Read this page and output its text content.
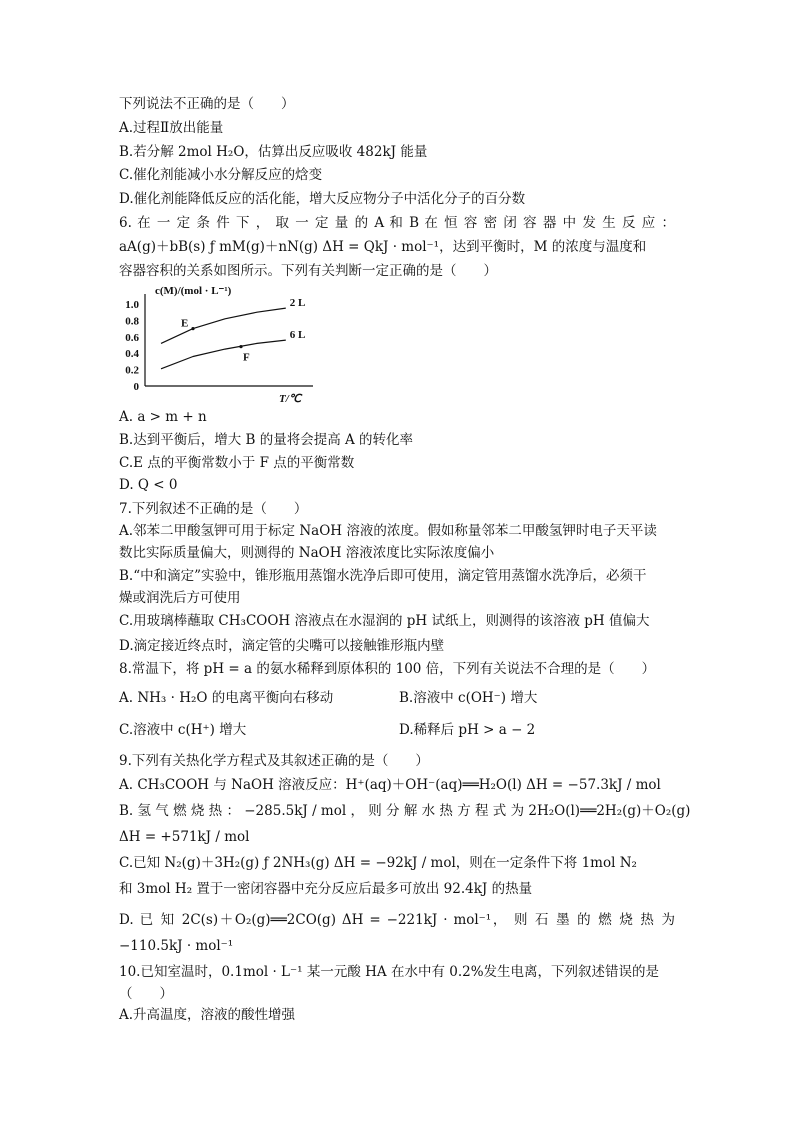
下列说法不正确的是（　　）
A.过程Ⅱ放出能量
B.若分解 2mol H₂O，估算出反应吸收 482kJ 能量
C.催化剂能减小水分解反应的焓变
D.催化剂能降低反应的活化能，增大反应物分子中活化分子的百分数
6. 在 一 定 条 件 下 ， 取 一 定 量 的 A 和 B 在 恒 容 密 闭 容 器 中 发 生 反 应 ：
aA(g)＋bB(s) ƒ mM(g)＋nN(g) ΔH = QkJ · mol⁻¹，达到平衡时，M 的浓度与温度和
容器容积的关系如图所示。下列有关判断一定正确的是（　　）
1.0
0.8
0.6
0.4
0.2
0
2 L
6 L
E
F
c(M)/(mol · L⁻¹)
T/℃
A. a > m + n
B.达到平衡后，增大 B 的量将会提高 A 的转化率
C.E 点的平衡常数小于 F 点的平衡常数
D. Q < 0
7.下列叙述不正确的是（　　）
A.邻苯二甲酸氢钾可用于标定 NaOH 溶液的浓度。假如称量邻苯二甲酸氢钾时电子天平读
数比实际质量偏大，则测得的 NaOH 溶液浓度比实际浓度偏小
B.“中和滴定”实验中，锥形瓶用蒸馏水洗净后即可使用，滴定管用蒸馏水洗净后，必须干
燥或润洗后方可使用
C.用玻璃棒蘸取 CH₃COOH 溶液点在水湿润的 pH 试纸上，则测得的该溶液 pH 值偏大
D.滴定接近终点时，滴定管的尖嘴可以接触锥形瓶内壁
8.常温下，将 pH = a 的氨水稀释到原体积的 100 倍，下列有关说法不合理的是（　　）
A. NH₃ · H₂O 的电离平衡向右移动	B.溶液中 c(OH⁻) 增大
C.溶液中 c(H⁺) 增大	D.稀释后 pH > a − 2
9.下列有关热化学方程式及其叙述正确的是（　　）
A. CH₃COOH 与 NaOH 溶液反应：H⁺(aq)＋OH⁻(aq)══H₂O(l) ΔH = −57.3kJ / mol
B. 氢 气 燃 烧 热 ： −285.5kJ / mol ， 则 分 解 水 热 方 程 式 为 2H₂O(l)══2H₂(g)＋O₂(g)
ΔH = +571kJ / mol
C.已知 N₂(g)＋3H₂(g) ƒ 2NH₃(g) ΔH = −92kJ / mol，则在一定条件下将 1mol N₂
和 3mol H₂ 置于一密闭容器中充分反应后最多可放出 92.4kJ 的热量
D. 已 知 2C(s)＋O₂(g)══2CO(g) ΔH = −221kJ · mol⁻¹， 则 石 墨 的 燃 烧 热 为
−110.5kJ · mol⁻¹
10.已知室温时，0.1mol · L⁻¹ 某一元酸 HA 在水中有 0.2%发生电离，下列叙述错误的是
（　　）
A.升高温度，溶液的酸性增强
